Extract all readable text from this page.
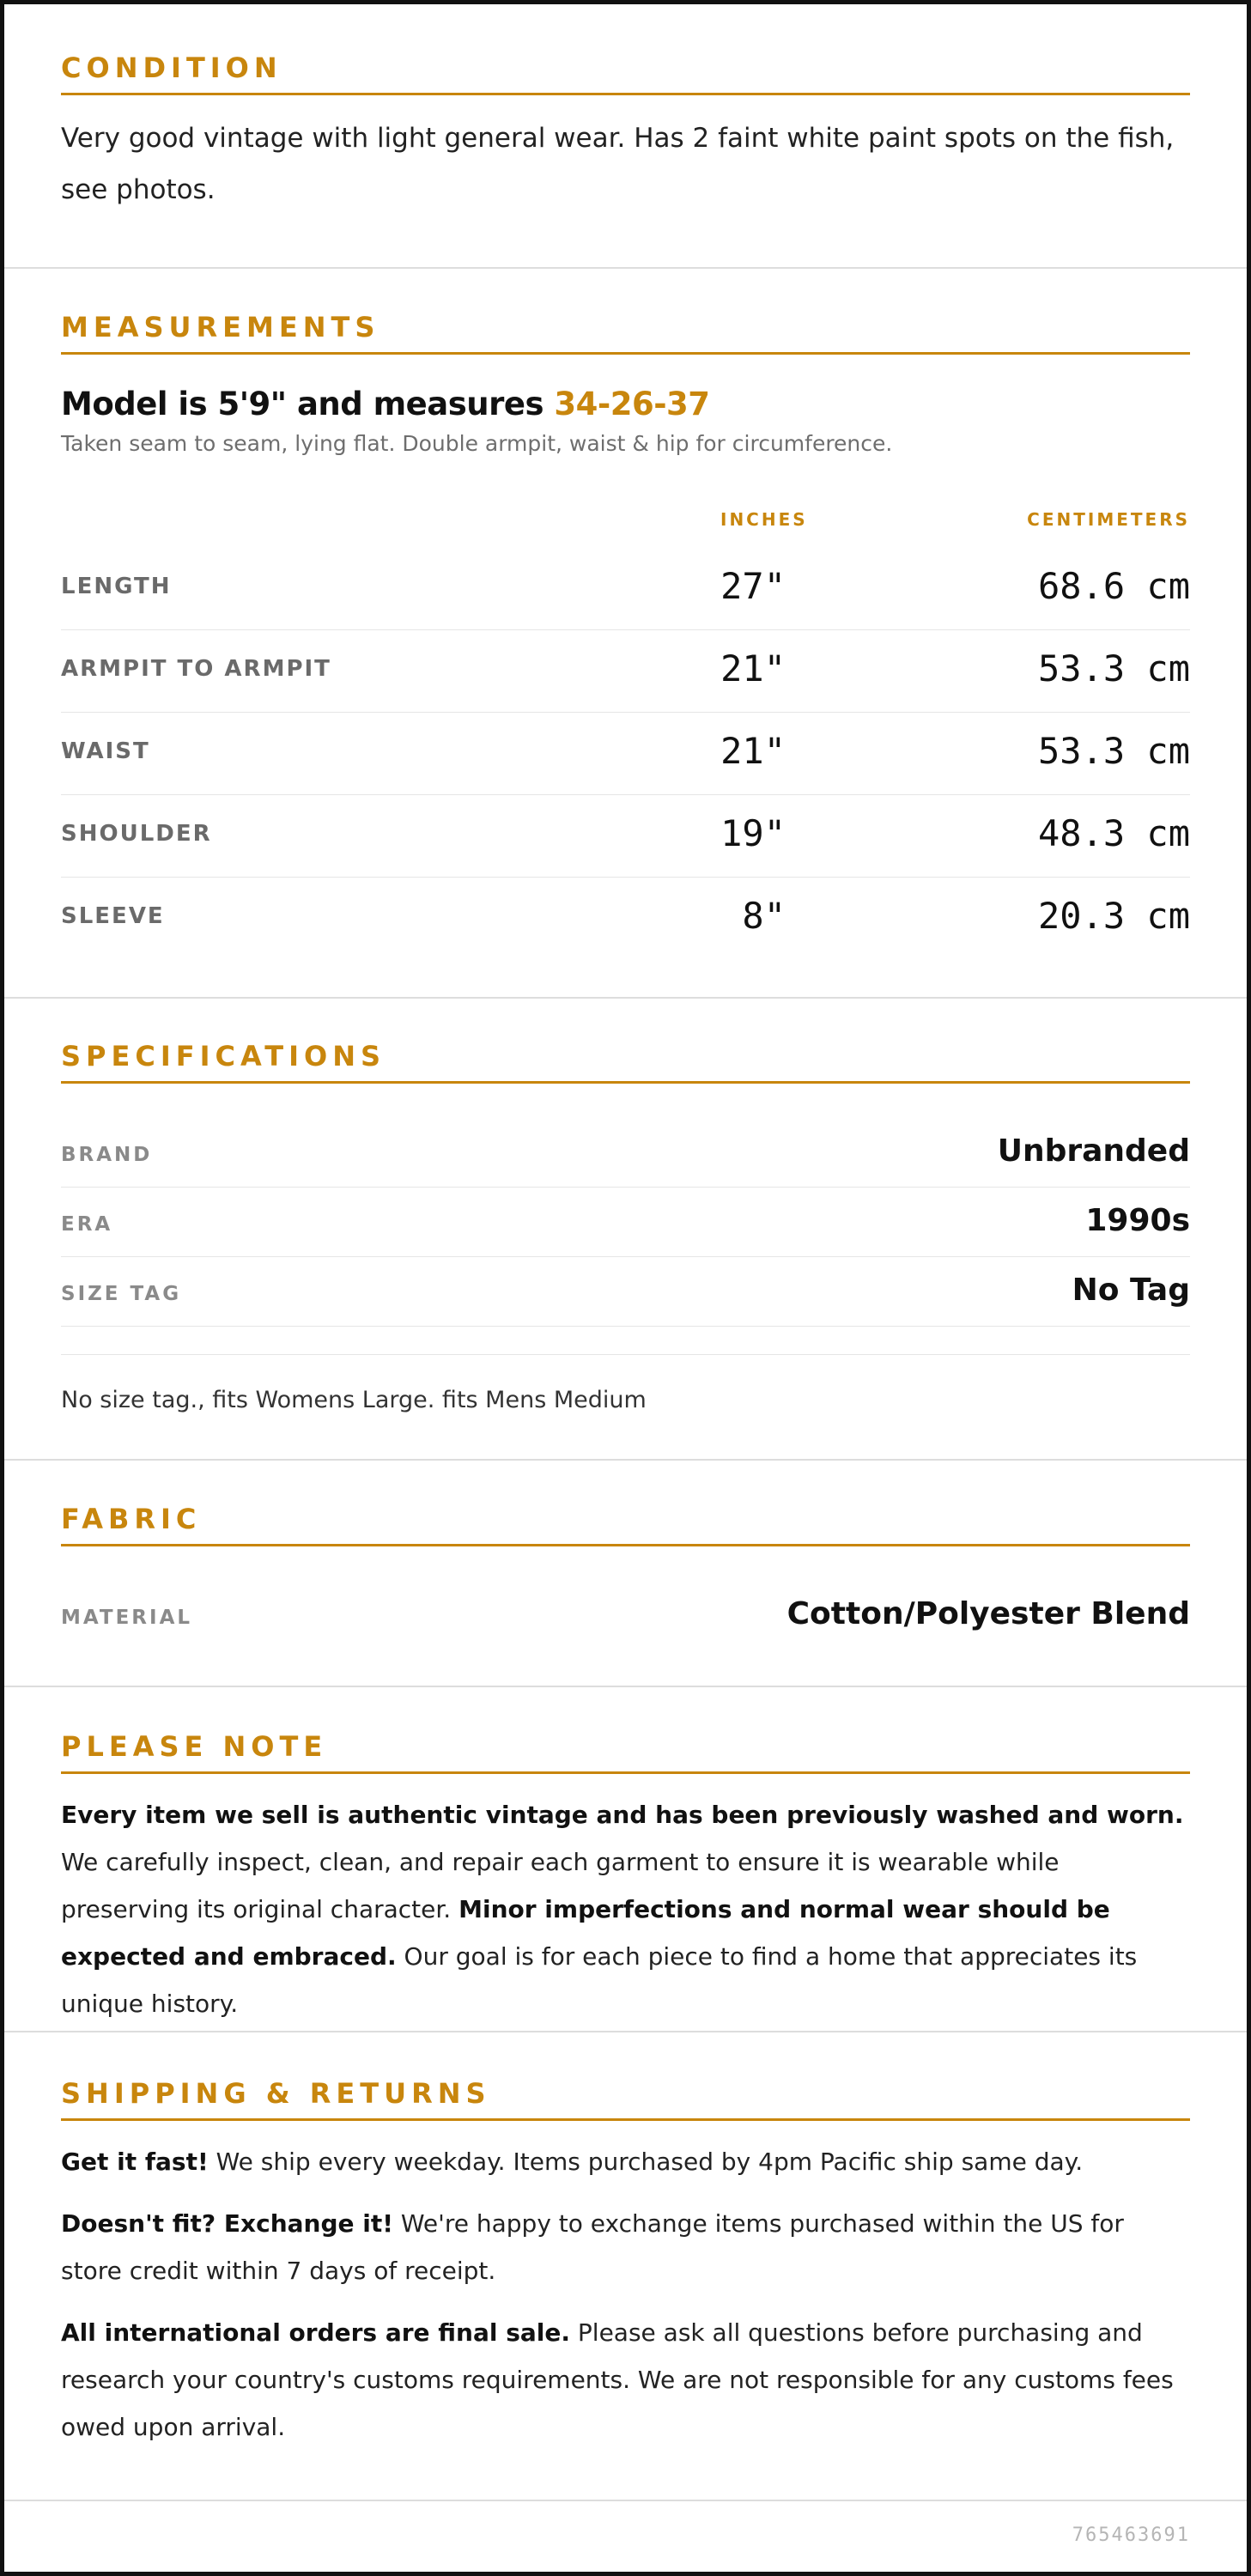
CONDITION
Very good vintage with light general wear. Has 2 faint white paint spots on the fish, see photos.
MEASUREMENTS
Model is 5'9" and measures 34-26-37
Taken seam to seam, lying flat. Double armpit, waist & hip for circumference.
INCHES	CENTIMETERS
LENGTH	27"	68.6 cm
ARMPIT TO ARMPIT	21"	53.3 cm
WAIST	21"	53.3 cm
SHOULDER	19"	48.3 cm
SLEEVE	8"	20.3 cm
SPECIFICATIONS
BRAND	Unbranded
ERA	1990s
SIZE TAG	No Tag
No size tag., fits Womens Large. fits Mens Medium
FABRIC
MATERIAL	Cotton/Polyester Blend
PLEASE NOTE
Every item we sell is authentic vintage and has been previously washed and worn. We carefully inspect, clean, and repair each garment to ensure it is wearable while preserving its original character. Minor imperfections and normal wear should be expected and embraced. Our goal is for each piece to find a home that appreciates its unique history.
SHIPPING & RETURNS
Get it fast! We ship every weekday. Items purchased by 4pm Pacific ship same day.
Doesn't fit? Exchange it! We're happy to exchange items purchased within the US for store credit within 7 days of receipt.
All international orders are final sale. Please ask all questions before purchasing and research your country's customs requirements. We are not responsible for any customs fees owed upon arrival.
765463691
